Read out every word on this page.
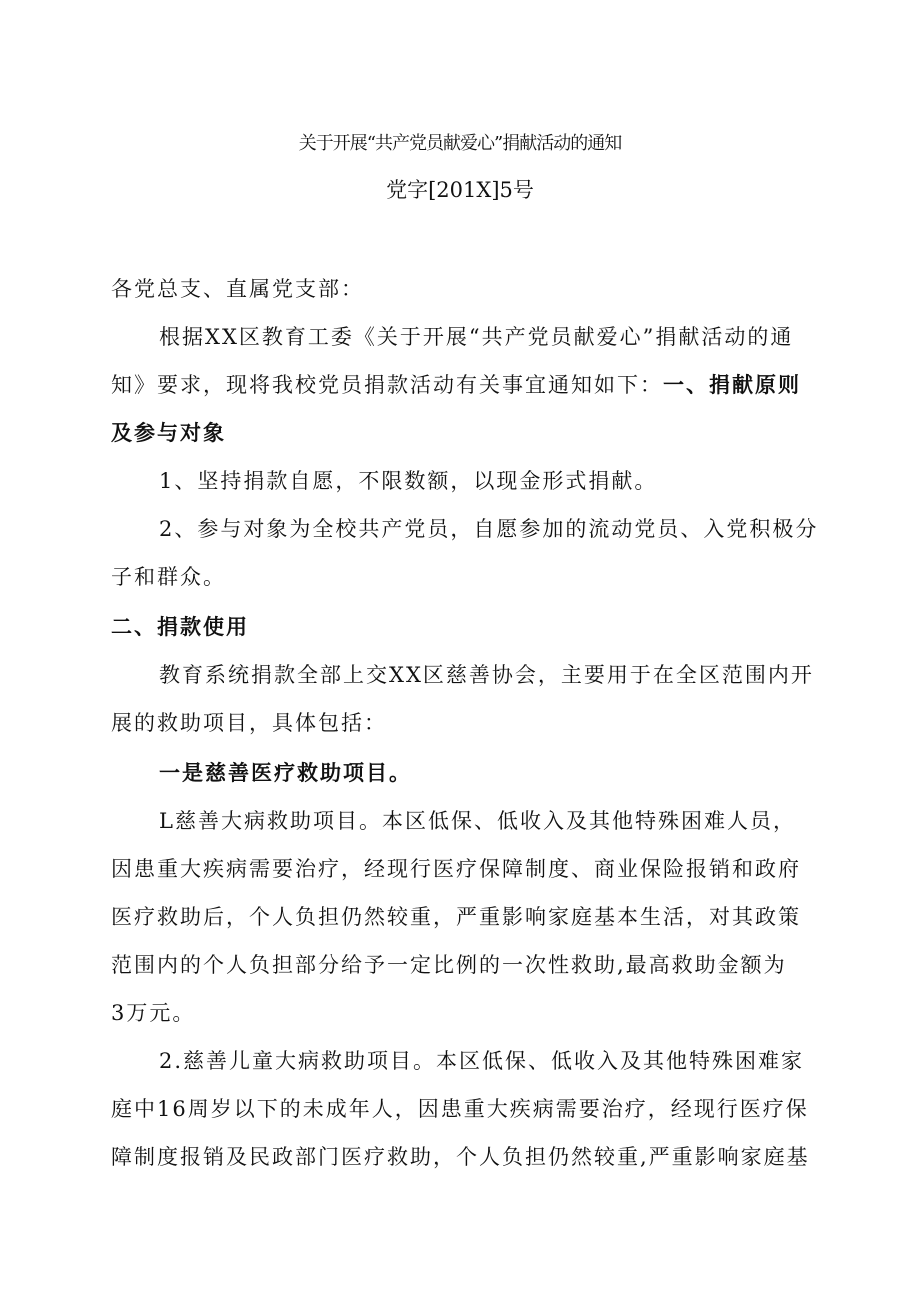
关于开展“共产党员献爱心”捐献活动的通知
党字[201X]5号
各党总支、直属党支部：
根据XX区教育工委《关于开展“共产党员献爱心”捐献活动的通
知》要求，现将我校党员捐款活动有关事宜通知如下：一、捐献原则
及参与对象
1、坚持捐款自愿，不限数额，以现金形式捐献。
2、参与对象为全校共产党员，自愿参加的流动党员、入党积极分
子和群众。
二、捐款使用
教育系统捐款全部上交XX区慈善协会，主要用于在全区范围内开
展的救助项目，具体包括：
一是慈善医疗救助项目。
L慈善大病救助项目。本区低保、低收入及其他特殊困难人员，
因患重大疾病需要治疗，经现行医疗保障制度、商业保险报销和政府
医疗救助后，个人负担仍然较重，严重影响家庭基本生活，对其政策
范围内的个人负担部分给予一定比例的一次性救助,最高救助金额为
3万元。
2.慈善儿童大病救助项目。本区低保、低收入及其他特殊困难家
庭中16周岁以下的未成年人，因患重大疾病需要治疗，经现行医疗保
障制度报销及民政部门医疗救助，个人负担仍然较重,严重影响家庭基
